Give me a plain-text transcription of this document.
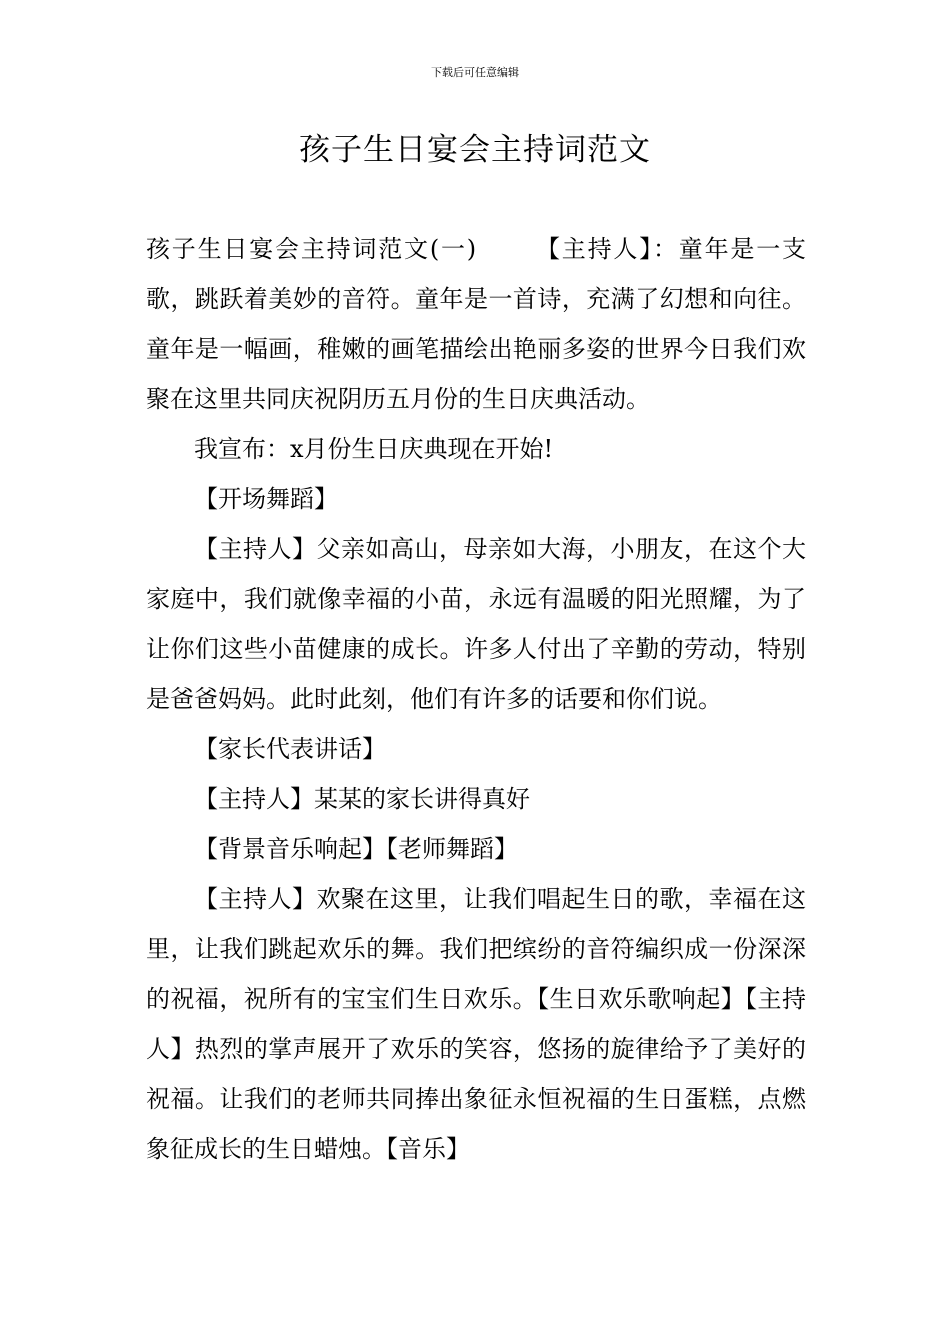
下载后可任意编辑
孩子生日宴会主持词范文

孩子生日宴会主持词范文(一) 【主持人】：童年是一支歌，跳跃着美妙的音符。童年是一首诗，充满了幻想和向往。童年是一幅画，稚嫩的画笔描绘出艳丽多姿的世界今日我们欢聚在这里共同庆祝阴历五月份的生日庆典活动。

我宣布：x月份生日庆典现在开始!

【开场舞蹈】

【主持人】父亲如高山，母亲如大海，小朋友，在这个大家庭中，我们就像幸福的小苗，永远有温暖的阳光照耀，为了让你们这些小苗健康的成长。许多人付出了辛勤的劳动，特别是爸爸妈妈。此时此刻，他们有许多的话要和你们说。

【家长代表讲话】

【主持人】某某的家长讲得真好

【背景音乐响起】【老师舞蹈】

【主持人】欢聚在这里，让我们唱起生日的歌，幸福在这里，让我们跳起欢乐的舞。我们把缤纷的音符编织成一份深深的祝福，祝所有的宝宝们生日欢乐。【生日欢乐歌响起】【主持人】热烈的掌声展开了欢乐的笑容，悠扬的旋律给予了美好的祝福。让我们的老师共同捧出象征永恒祝福的生日蛋糕，点燃象征成长的生日蜡烛。【音乐】
